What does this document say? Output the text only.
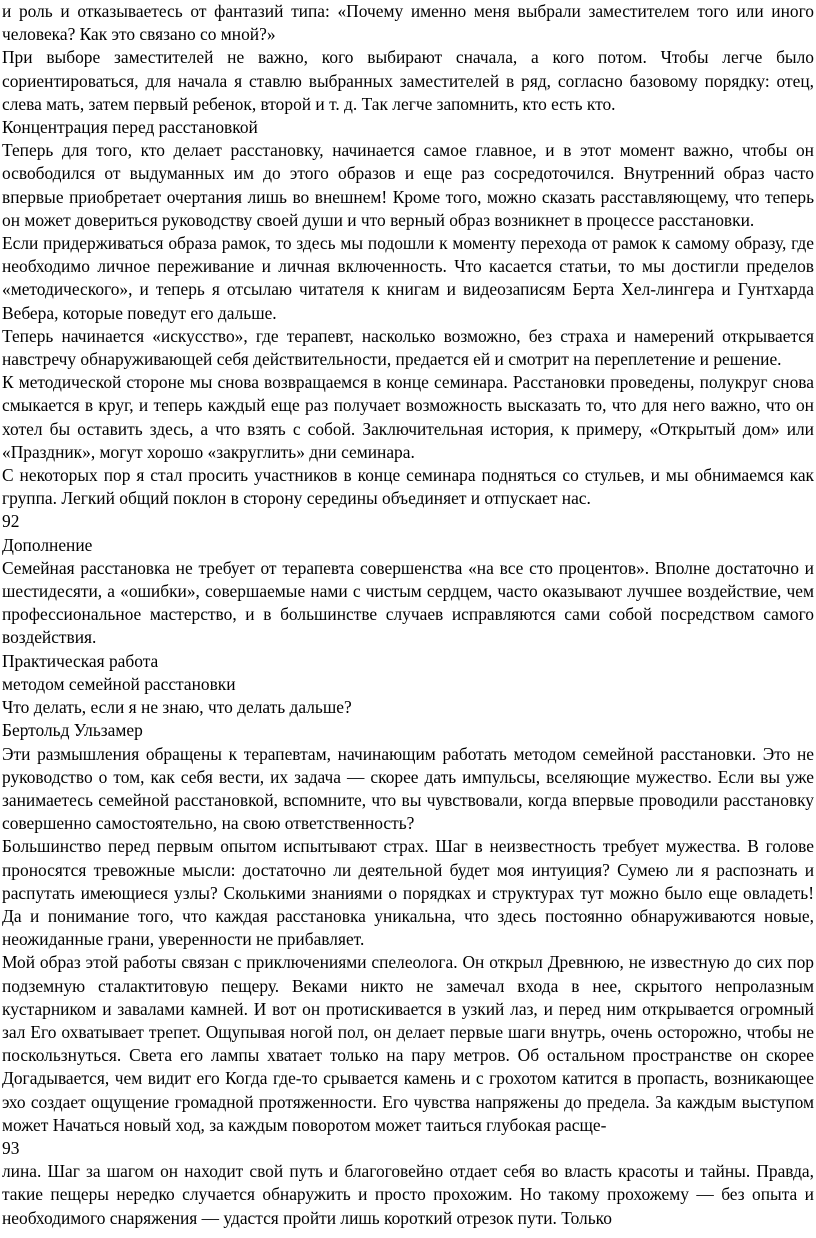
и роль и отказываетесь от фантазий типа: «Почему именно меня выбрали заместителем того или иного человека? Как это связано со мной?»

При выборе заместителей не важно, кого выбирают сначала, а кого потом. Чтобы легче было сориентироваться, для начала я ставлю выбранных заместителей в ряд, согласно базовому порядку: отец, слева мать, затем первый ребенок, второй и т. д. Так легче запомнить, кто есть кто.

Концентрация перед расстановкой

Теперь для того, кто делает расстановку, начинается самое главное, и в этот момент важно, чтобы он освободился от выдуманных им до этого образов и еще раз сосредоточился. Внутренний образ часто впервые приобретает очертания лишь во внешнем! Кроме того, можно сказать расставляющему, что теперь он может довериться руководству своей души и что верный образ возникнет в процессе расстановки.

Если придерживаться образа рамок, то здесь мы подошли к моменту перехода от рамок к самому образу, где необходимо личное переживание и личная включенность. Что касается статьи, то мы достигли пределов «методического», и теперь я отсылаю читателя к книгам и видеозаписям Берта Хел-лингера и Гунтхарда Вебера, которые поведут его дальше.

Теперь начинается «искусство», где терапевт, насколько возможно, без страха и намерений открывается навстречу обнаруживающей себя действительности, предается ей и смотрит на переплетение и решение.

К методической стороне мы снова возвращаемся в конце семинара. Расстановки проведены, полукруг снова смыкается в круг, и теперь каждый еще раз получает возможность высказать то, что для него важно, что он хотел бы оставить здесь, а что взять с собой. Заключительная история, к примеру, «Открытый дом» или «Праздник», могут хорошо «закруглить» дни семинара.

С некоторых пор я стал просить участников в конце семинара подняться со стульев, и мы обнимаемся как группа. Легкий общий поклон в сторону середины объединяет и отпускает нас.

92

Дополнение

Семейная расстановка не требует от терапевта совершенства «на все сто процентов». Вполне достаточно и шестидесяти, а «ошибки», совершаемые нами с чистым сердцем, часто оказывают лучшее воздействие, чем профессиональное мастерство, и в большинстве случаев исправляются сами собой посредством самого воздействия.

Практическая работа

методом семейной расстановки

Что делать, если я не знаю, что делать дальше?

Бертольд Ульзамер

Эти размышления обращены к терапевтам, начинающим работать методом семейной расстановки. Это не руководство о том, как себя вести, их задача — скорее дать импульсы, вселяющие мужество. Если вы уже занимаетесь семейной расстановкой, вспомните, что вы чувствовали, когда впервые проводили расстановку совершенно самостоятельно, на свою ответственность?

Большинство перед первым опытом испытывают страх. Шаг в неизвестность требует мужества. В голове проносятся тревожные мысли: достаточно ли деятельной будет моя интуиция? Сумею ли я распознать и распутать имеющиеся узлы? Сколькими знаниями о порядках и структурах тут можно было еще овладеть! Да и понимание того, что каждая расстановка уникальна, что здесь постоянно обнаруживаются новые, неожиданные грани, уверенности не прибавляет.

Мой образ этой работы связан с приключениями спелеолога. Он открыл Древнюю, не известную до сих пор подземную сталактитовую пещеру. Веками никто не замечал входа в нее, скрытого непролазным кустарником и завалами камней. И вот он протискивается в узкий лаз, и перед ним открывается огромный зал Его охватывает трепет. Ощупывая ногой пол, он делает первые шаги внутрь, очень осторожно, чтобы не поскользнуться. Света его лампы хватает только на пару метров. Об остальном пространстве он скорее Догадывается, чем видит его Когда где-то срывается камень и с грохотом катится в пропасть, возникающее эхо создает ощущение громадной протяженности. Его чувства напряжены до предела. За каждым выступом может Начаться новый ход, за каждым поворотом может таиться глубокая расще-

93

лина. Шаг за шагом он находит свой путь и благоговейно отдает себя во власть красоты и тайны. Правда, такие пещеры нередко случается обнаружить и просто прохожим. Но такому прохожему — без опыта и необходимого снаряжения — удастся пройти лишь короткий отрезок пути. Только
